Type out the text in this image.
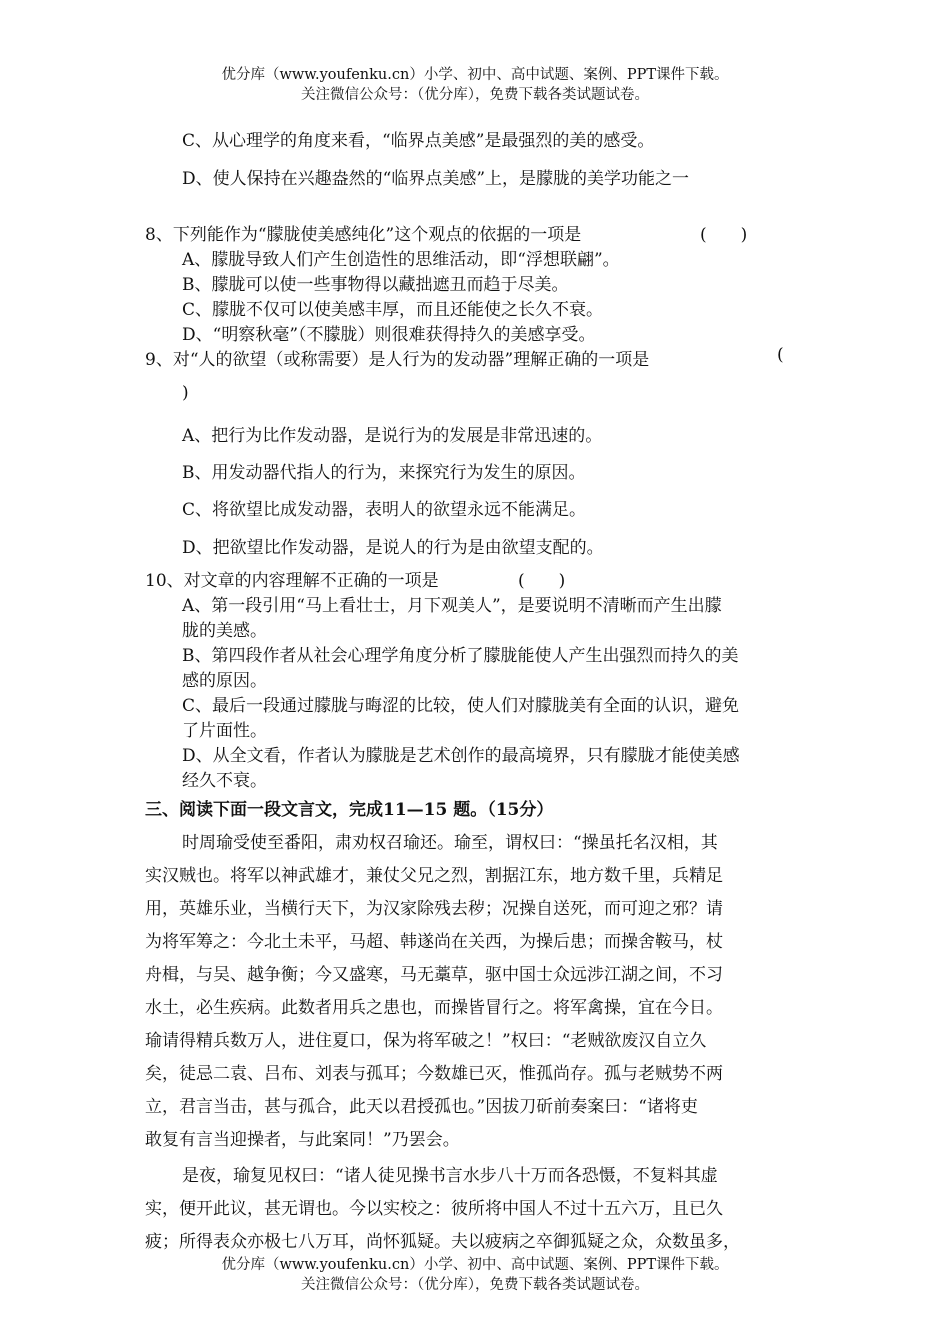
优分库（www.youfenku.cn）小学、初中、高中试题、案例、PPT课件下载。
关注微信公众号：（优分库），免费下载各类试题试卷。
C、从心理学的角度来看，“临界点美感”是最强烈的美的感受。
D、使人保持在兴趣盎然的“临界点美感”上，是朦胧的美学功能之一
8、下列能作为“朦胧使美感纯化”这个观点的依据的一项是	(　　)
A、朦胧导致人们产生创造性的思维活动，即“浮想联翩”。
B、朦胧可以使一些事物得以藏拙遮丑而趋于尽美。
C、朦胧不仅可以使美感丰厚，而且还能使之长久不衰。
D、“明察秋毫”（不朦胧）则很难获得持久的美感享受。
9、对“人的欲望（或称需要）是人行为的发动器”理解正确的一项是	(
)
A、把行为比作发动器，是说行为的发展是非常迅速的。
B、用发动器代指人的行为，来探究行为发生的原因。
C、将欲望比成发动器，表明人的欲望永远不能满足。
D、把欲望比作发动器，是说人的行为是由欲望支配的。
10、对文章的内容理解不正确的一项是	(　　)
A、第一段引用“马上看壮士，月下观美人”，是要说明不清晰而产生出朦
胧的美感。
B、第四段作者从社会心理学角度分析了朦胧能使人产生出强烈而持久的美
感的原因。
C、最后一段通过朦胧与晦涩的比较，使人们对朦胧美有全面的认识，避免
了片面性。
D、从全文看，作者认为朦胧是艺术创作的最高境界，只有朦胧才能使美感
经久不衰。
三、阅读下面一段文言文，完成11—15 题。（15分）
时周瑜受使至番阳，肃劝权召瑜还。瑜至，谓权曰：“操虽托名汉相，其
实汉贼也。将军以神武雄才，兼仗父兄之烈，割据江东，地方数千里，兵精足
用，英雄乐业，当横行天下，为汉家除残去秽；况操自送死，而可迎之邪？请
为将军筹之：今北土未平，马超、韩遂尚在关西，为操后患；而操舍鞍马，杖
舟楫，与吴、越争衡；今又盛寒，马无藁草，驱中国士众远涉江湖之间，不习
水土，必生疾病。此数者用兵之患也，而操皆冒行之。将军禽操，宜在今日。
瑜请得精兵数万人，进住夏口，保为将军破之！”权曰：“老贼欲废汉自立久
矣，徒忌二袁、吕布、刘表与孤耳；今数雄已灭，惟孤尚存。孤与老贼势不两
立，君言当击，甚与孤合，此天以君授孤也。”因拔刀斫前奏案曰：“诸将吏
敢复有言当迎操者，与此案同！”乃罢会。
是夜，瑜复见权曰：“诸人徒见操书言水步八十万而各恐慑，不复料其虚
实，便开此议，甚无谓也。今以实校之：彼所将中国人不过十五六万，且已久
疲；所得表众亦极七八万耳，尚怀狐疑。夫以疲病之卒御狐疑之众，众数虽多，
优分库（www.youfenku.cn）小学、初中、高中试题、案例、PPT课件下载。
关注微信公众号：（优分库），免费下载各类试题试卷。
